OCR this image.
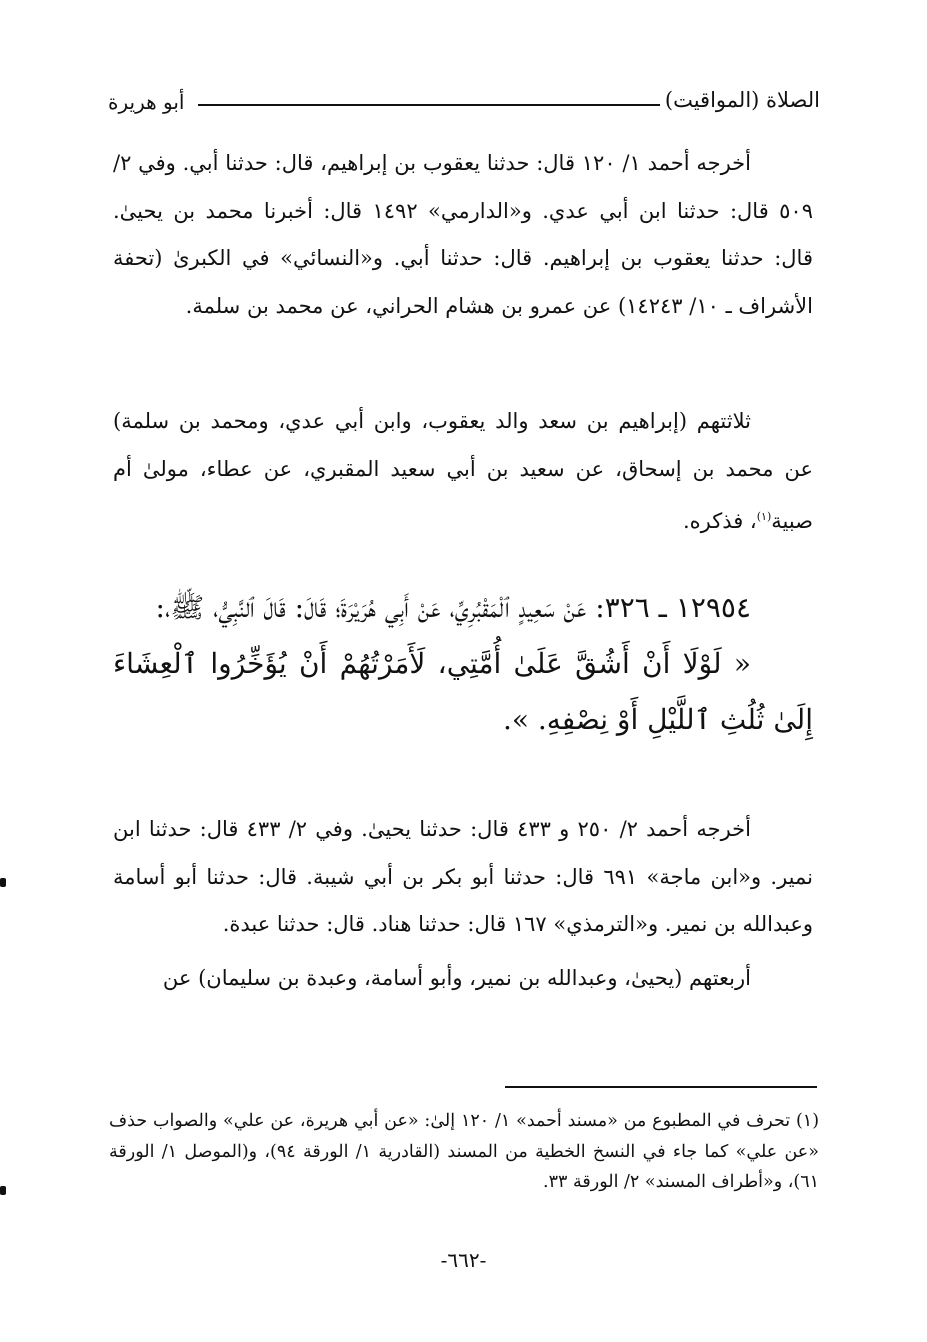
الصلاة (المواقيت)
أبو هريرة

أخرجه أحمد ١/ ١٢٠ قال: حدثنا يعقوب بن إبراهيم، قال: حدثنا أبي. وفي ٢/ ٥٠٩ قال: حدثنا ابن أبي عدي. و«الدارمي» ١٤٩٢ قال: أخبرنا محمد بن يحيىٰ. قال: حدثنا يعقوب بن إبراهيم. قال: حدثنا أبي. و«النسائي» في الكبرىٰ (تحفة الأشراف ـ ١٠/ ١٤٢٤٣) عن عمرو بن هشام الحراني، عن محمد بن سلمة.

ثلاثتهم (إبراهيم بن سعد والد يعقوب، وابن أبي عدي، ومحمد بن سلمة) عن محمد بن إسحاق، عن سعيد بن أبي سعيد المقبري، عن عطاء، مولىٰ أم صبية$^{(١)}$، فذكره.

١٢٩٥٤ ـ ٣٢٦: عَنْ سَعِيدٍ ٱلْمَقْبُرِيِّ، عَنْ أَبِي هُرَيْرَةَ؛ قَالَ: قَالَ ٱلنَّبِيُّ، ﷺ،:

« لَوْلَا أَنْ أَشُقَّ عَلَىٰ أُمَّتِي، لَأَمَرْتُهُمْ أَنْ يُؤَخِّرُوا ٱلْعِشَاءَ إِلَىٰ ثُلُثِ ٱللَّيْلِ أَوْ نِصْفِهِ. ».

أخرجه أحمد ٢/ ٢٥٠ و ٤٣٣ قال: حدثنا يحيىٰ. وفي ٢/ ٤٣٣ قال: حدثنا ابن نمير. و«ابن ماجة» ٦٩١ قال: حدثنا أبو بكر بن أبي شيبة. قال: حدثنا أبو أسامة وعبدالله بن نمير. و«الترمذي» ١٦٧ قال: حدثنا هناد. قال: حدثنا عبدة.

أربعتهم (يحيىٰ، وعبدالله بن نمير، وأبو أسامة، وعبدة بن سليمان) عن

(١) تحرف في المطبوع من «مسند أحمد» ١/ ١٢٠ إلىٰ: «عن أبي هريرة، عن علي» والصواب حذف «عن علي» كما جاء في النسخ الخطية من المسند (القادرية ١/ الورقة ٩٤)، و(الموصل ١/ الورقة ٦١)، و«أطراف المسند» ٢/ الورقة ٣٣.

-٦٦٢-
